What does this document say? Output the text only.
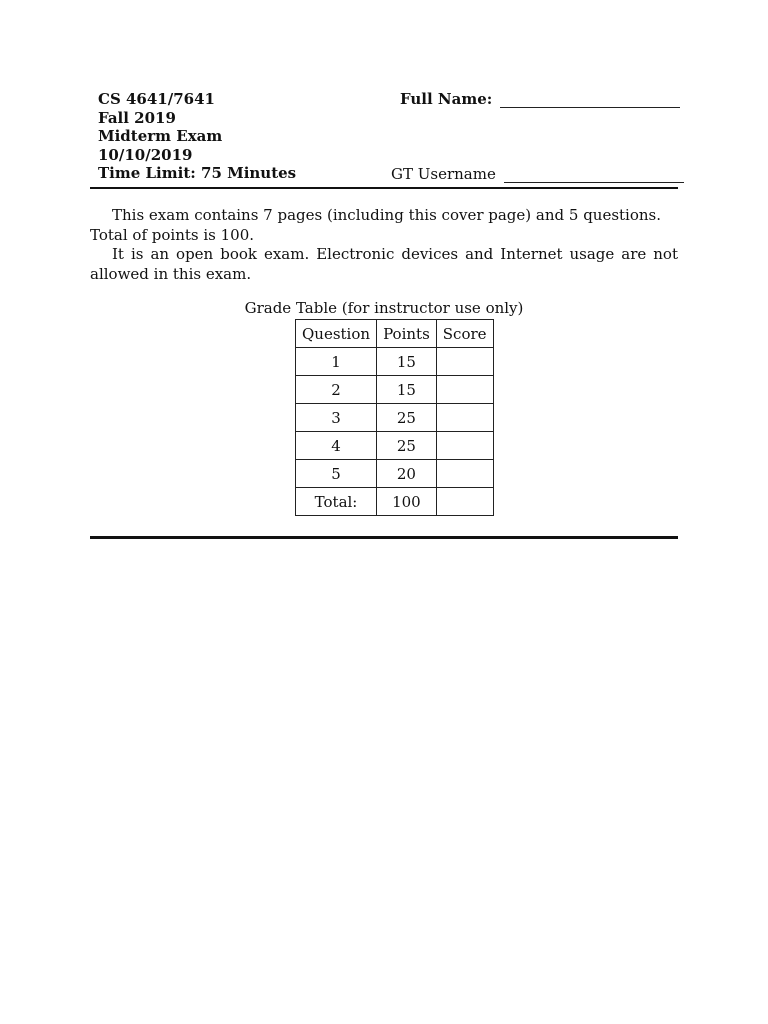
CS 4641/7641
Fall 2019
Midterm Exam
10/10/2019
Time Limit: 75 Minutes
Full Name:
GT Username

This exam contains 7 pages (including this cover page) and 5 questions.

Total of points is 100.

It is an open book exam. Electronic devices and Internet usage are not allowed in this exam.

Grade Table (for instructor use only)
Question	Points	Score
1	15	
2	15	
3	25	
4	25	
5	20	
Total:	100	
